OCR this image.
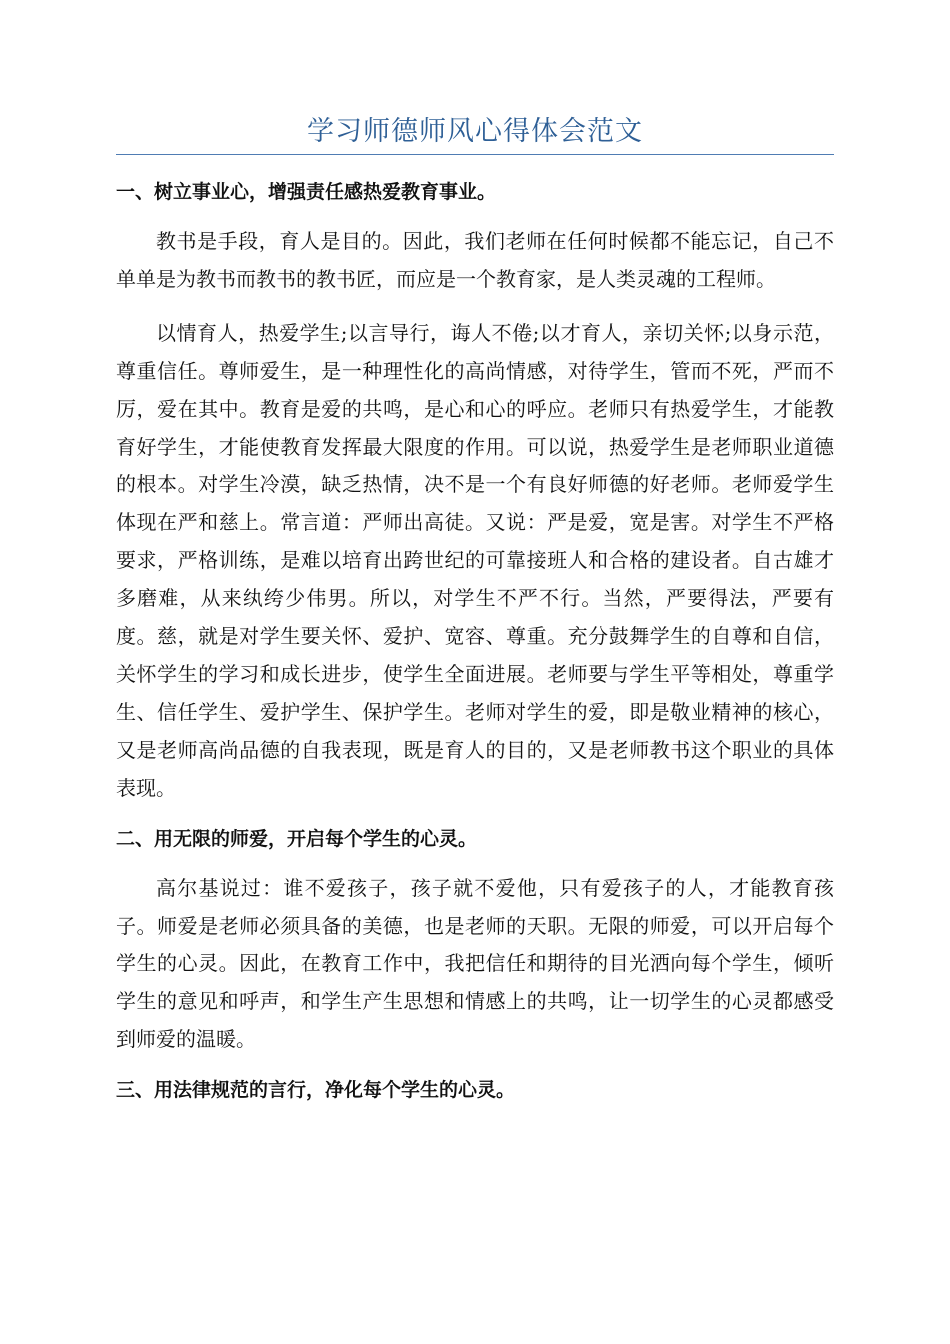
学习师德师风心得体会范文
一、树立事业心，增强责任感热爱教育事业。

教书是手段，育人是目的。因此，我们老师在任何时候都不能忘记，自己不单单是为教书而教书的教书匠，而应是一个教育家，是人类灵魂的工程师。

以情育人，热爱学生;以言导行，诲人不倦;以才育人，亲切关怀;以身示范，尊重信任。尊师爱生，是一种理性化的高尚情感，对待学生，管而不死，严而不厉，爱在其中。教育是爱的共鸣，是心和心的呼应。老师只有热爱学生，才能教育好学生，才能使教育发挥最大限度的作用。可以说，热爱学生是老师职业道德的根本。对学生冷漠，缺乏热情，决不是一个有良好师德的好老师。老师爱学生体现在严和慈上。常言道：严师出高徒。又说：严是爱，宽是害。对学生不严格要求，严格训练，是难以培育出跨世纪的可靠接班人和合格的建设者。自古雄才多磨难，从来纨绔少伟男。所以，对学生不严不行。当然，严要得法，严要有度。慈，就是对学生要关怀、爱护、宽容、尊重。充分鼓舞学生的自尊和自信，关怀学生的学习和成长进步，使学生全面进展。老师要与学生平等相处，尊重学生、信任学生、爱护学生、保护学生。老师对学生的爱，即是敬业精神的核心，又是老师高尚品德的自我表现，既是育人的目的，又是老师教书这个职业的具体表现。

二、用无限的师爱，开启每个学生的心灵。

高尔基说过：谁不爱孩子，孩子就不爱他，只有爱孩子的人，才能教育孩子。师爱是老师必须具备的美德，也是老师的天职。无限的师爱，可以开启每个学生的心灵。因此，在教育工作中，我把信任和期待的目光洒向每个学生，倾听学生的意见和呼声，和学生产生思想和情感上的共鸣，让一切学生的心灵都感受到师爱的温暖。

三、用法律规范的言行，净化每个学生的心灵。
